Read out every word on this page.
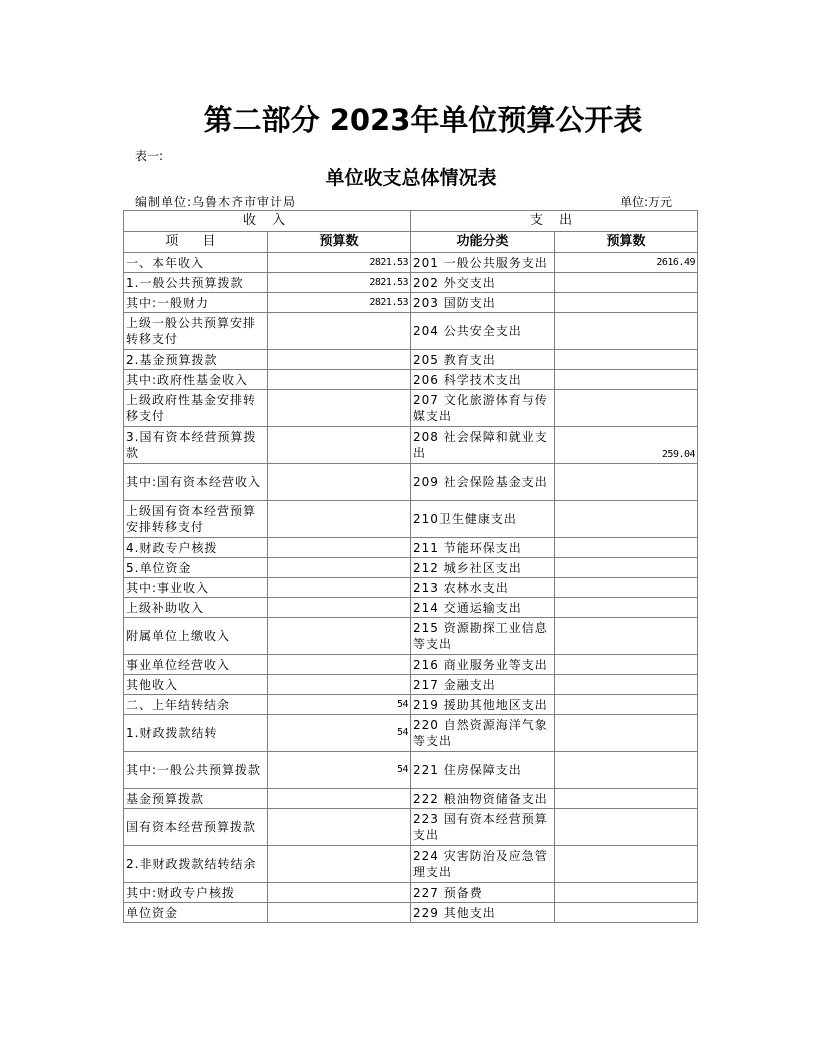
第二部分 2023年单位预算公开表
表一:
单位收支总体情况表
编制单位:乌鲁木齐市审计局	单位:万元
收 入		支 出	
项 目	预算数	功能分类	预算数
一、本年收入	2821.53	201 一般公共服务支出	2616.49
1.一般公共预算拨款	2821.53	202 外交支出	
其中:一般财力	2821.53	203 国防支出	
上级一般公共预算安排转移支付		204 公共安全支出	
2.基金预算拨款		205 教育支出	
其中:政府性基金收入		206 科学技术支出	
上级政府性基金安排转移支付		207 文化旅游体育与传媒支出	
3.国有资本经营预算拨款		208 社会保障和就业支出	259.04
其中:国有资本经营收入		209 社会保险基金支出	
上级国有资本经营预算安排转移支付		210卫生健康支出	
4.财政专户核拨		211 节能环保支出	
5.单位资金		212 城乡社区支出	
其中:事业收入		213 农林水支出	
上级补助收入		214 交通运输支出	
附属单位上缴收入		215 资源勘探工业信息等支出	
事业单位经营收入		216 商业服务业等支出	
其他收入		217 金融支出	
二、上年结转结余	54	219 援助其他地区支出	
1.财政拨款结转	54	220 自然资源海洋气象等支出	
其中:一般公共预算拨款	54	221 住房保障支出	
基金预算拨款		222 粮油物资储备支出	
国有资本经营预算拨款		223 国有资本经营预算支出	
2.非财政拨款结转结余		224 灾害防治及应急管理支出	
其中:财政专户核拨		227 预备费	
单位资金		229 其他支出	
